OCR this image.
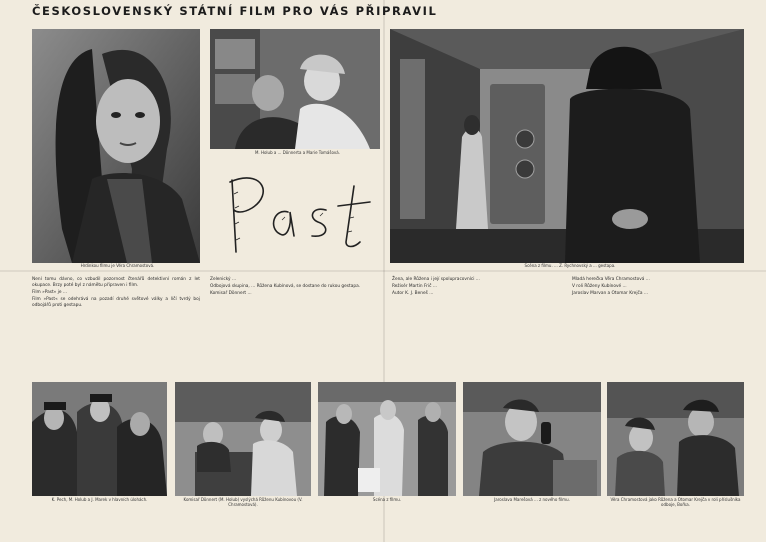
ČESKOSLOVENSKÝ STÁTNÍ FILM PRO VÁS PŘIPRAVIL
Hrdinkou filmu je Věra Chramostová.
M. Holub a ... Dönnerta a Marie Tomášová.
Scéna z filmu. ... Z. Rychnovský a ... gestapa.

Není tomu dávno, co vzbudil pozornost čtenářů detektivní román z let okupace. Brzy poté byl z námětu připraven i film.

Film »Past« je ...

Film »Past« se odehrává na pozadí druhé světové války a líčí tvrdý boj odbojářů proti gestapu.

Zelenický ...

Odbojová skupina, ... Růžena Kubínová, se dostane do rukou gestapa.

Komisař Dönnert ...

Žena, ale Růžena i její spolupracovníci ...

Režisér Martin Frič ...

Autor K. J. Beneš ...

Mladá herečka Věra Chramostová ...

V roli Růženy Kubínové ...

Jaroslav Marvan a Otomar Krejča ...

K. Pech, M. Holub a J. Marek v hlavních úlohách.	Komisař Dönnert (M. Holub) vyslýchá Růženu Kubínovou (V. Chramostová).
Scéna z filmu.	Jaroslava Marešová ... z nového filmu.	Věra Chramostová jako Růžena a Otomar Krejča v roli příslušníka odboje, Bořka.
